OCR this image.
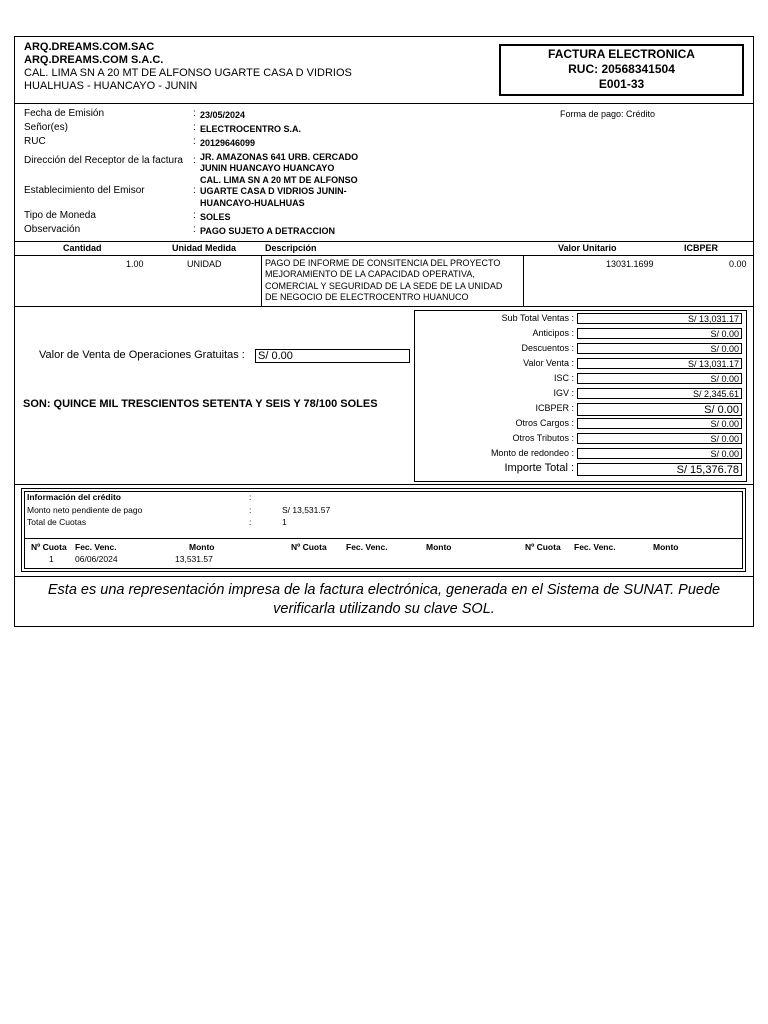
ARQ.DREAMS.COM.SAC
ARQ.DREAMS.COM S.A.C.
CAL. LIMA SN A 20 MT DE ALFONSO UGARTE CASA D VIDRIOS
HUALHUAS - HUANCAYO - JUNIN
FACTURA ELECTRONICA
RUC: 20568341504
E001-33
Fecha de Emisión	: 23/05/2024
Señor(es)	: ELECTROCENTRO S.A.
RUC	: 20129646099
Dirección del Receptor de la factura : JR. AMAZONAS 641 URB. CERCADO
JUNIN HUANCAYO HUANCAYO
Establecimiento del Emisor	:
CAL. LIMA SN A 20 MT DE ALFONSO
UGARTE CASA D VIDRIOS JUNIN-
HUANCAYO-HUALHUAS
Tipo de Moneda	: SOLES
Observación	: PAGO SUJETO A DETRACCION
Forma de pago: Crédito
Cantidad	Unidad Medida	Descripción	Valor Unitario	ICBPER
1.00	UNIDAD	PAGO DE INFORME DE CONSITENCIA DEL PROYECTO
MEJORAMIENTO DE LA CAPACIDAD OPERATIVA,
COMERCIAL Y SEGURIDAD DE LA SEDE DE LA UNIDAD
DE NEGOCIO DE ELECTROCENTRO HUANUCO
13031.1699	0.00
Valor de Venta de Operaciones Gratuitas : S/ 0.00
SON: QUINCE MIL TRESCIENTOS SETENTA Y SEIS Y 78/100 SOLES
Sub Total Ventas :	S/ 13,031.17
Anticipos :	S/ 0.00
Descuentos :	S/ 0.00
Valor Venta :	S/ 13,031.17
ISC :	S/ 0.00
IGV :	S/ 2,345.61
ICBPER :	S/ 0.00
Otros Cargos :	S/ 0.00
Otros Tributos :	S/ 0.00
Monto de redondeo :	S/ 0.00
Importe Total :	S/ 15,376.78
Información del crédito	:
Monto neto pendiente de pago	:	S/ 13,531.57
Total de Cuotas	:	1
Nº Cuota Fec. Venc.	Monto	Nº Cuota Fec. Venc.	Monto	Nº Cuota Fec. Venc.	Monto
1	06/06/2024	13,531.57
Esta es una representación impresa de la factura electrónica, generada en el Sistema de SUNAT. Puede
verificarla utilizando su clave SOL.
